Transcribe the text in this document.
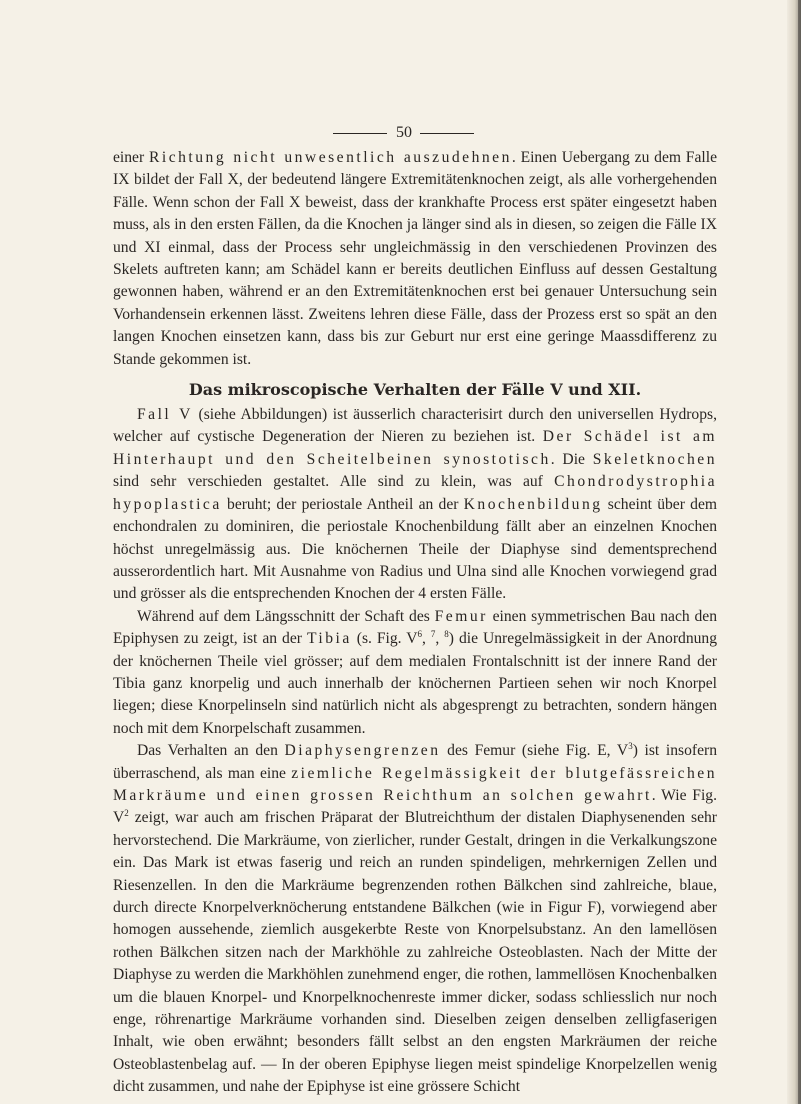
50

einer Richtung nicht unwesentlich auszudehnen. Einen Uebergang zu dem Falle IX bildet der Fall X, der bedeutend längere Extremitätenknochen zeigt, als alle vorhergehenden Fälle. Wenn schon der Fall X beweist, dass der krankhafte Process erst später eingesetzt haben muss, als in den ersten Fällen, da die Knochen ja länger sind als in diesen, so zeigen die Fälle IX und XI einmal, dass der Process sehr ungleichmässig in den verschiedenen Provinzen des Skelets auftreten kann; am Schädel kann er bereits deutlichen Einfluss auf dessen Gestaltung gewonnen haben, während er an den Extremitätenknochen erst bei genauer Untersuchung sein Vorhandensein erkennen lässt. Zweitens lehren diese Fälle, dass der Prozess erst so spät an den langen Knochen einsetzen kann, dass bis zur Geburt nur erst eine geringe Maassdifferenz zu Stande gekommen ist.

Das mikroscopische Verhalten der Fälle V und XII.

Fall V (siehe Abbildungen) ist äusserlich characterisirt durch den universellen Hydrops, welcher auf cystische Degeneration der Nieren zu beziehen ist. Der Schädel ist am Hinterhaupt und den Scheitelbeinen synostotisch. Die Skeletknochen sind sehr verschieden gestaltet. Alle sind zu klein, was auf Chondrodystrophia hypoplastica beruht; der periostale Antheil an der Knochenbildung scheint über dem enchondralen zu dominiren, die periostale Knochenbildung fällt aber an einzelnen Knochen höchst unregelmässig aus. Die knöchernen Theile der Diaphyse sind dementsprechend ausserordentlich hart. Mit Ausnahme von Radius und Ulna sind alle Knochen vorwiegend grad und grösser als die entsprechenden Knochen der 4 ersten Fälle.

Während auf dem Längsschnitt der Schaft des Femur einen symmetrischen Bau nach den Epiphysen zu zeigt, ist an der Tibia (s. Fig. $V^6$, $^7$, $^8$) die Unregelmässigkeit in der Anordnung der knöchernen Theile viel grösser; auf dem medialen Frontalschnitt ist der innere Rand der Tibia ganz knorpelig und auch innerhalb der knöchernen Partieen sehen wir noch Knorpel liegen; diese Knorpelinseln sind natürlich nicht als abgesprengt zu betrachten, sondern hängen noch mit dem Knorpelschaft zusammen.

Das Verhalten an den Diaphysengrenzen des Femur (siehe Fig. E, $V^3$) ist insofern überraschend, als man eine ziemliche Regelmässigkeit der blutgefässreichen Markräume und einen grossen Reichthum an solchen gewahrt. Wie Fig. $V^2$ zeigt, war auch am frischen Präparat der Blutreichthum der distalen Diaphysenenden sehr hervorstechend. Die Markräume, von zierlicher, runder Gestalt, dringen in die Verkalkungszone ein. Das Mark ist etwas faserig und reich an runden spindeligen, mehrkernigen Zellen und Riesenzellen. In den die Markräume begrenzenden rothen Bälkchen sind zahlreiche, blaue, durch directe Knorpelverknöcherung entstandene Bälkchen (wie in Figur F), vorwiegend aber homogen aussehende, ziemlich ausgekerbte Reste von Knorpelsubstanz. An den lamellösen rothen Bälkchen sitzen nach der Markhöhle zu zahlreiche Osteoblasten. Nach der Mitte der Diaphyse zu werden die Markhöhlen zunehmend enger, die rothen, lammellösen Knochenbalken um die blauen Knorpel- und Knorpelknochenreste immer dicker, sodass schliesslich nur noch enge, röhrenartige Markräume vorhanden sind. Dieselben zeigen denselben zelligfaserigen Inhalt, wie oben erwähnt; besonders fällt selbst an den engsten Markräumen der reiche Osteoblastenbelag auf. — In der oberen Epiphyse liegen meist spindelige Knorpelzellen wenig dicht zusammen, und nahe der Epiphyse ist eine grössere Schicht
